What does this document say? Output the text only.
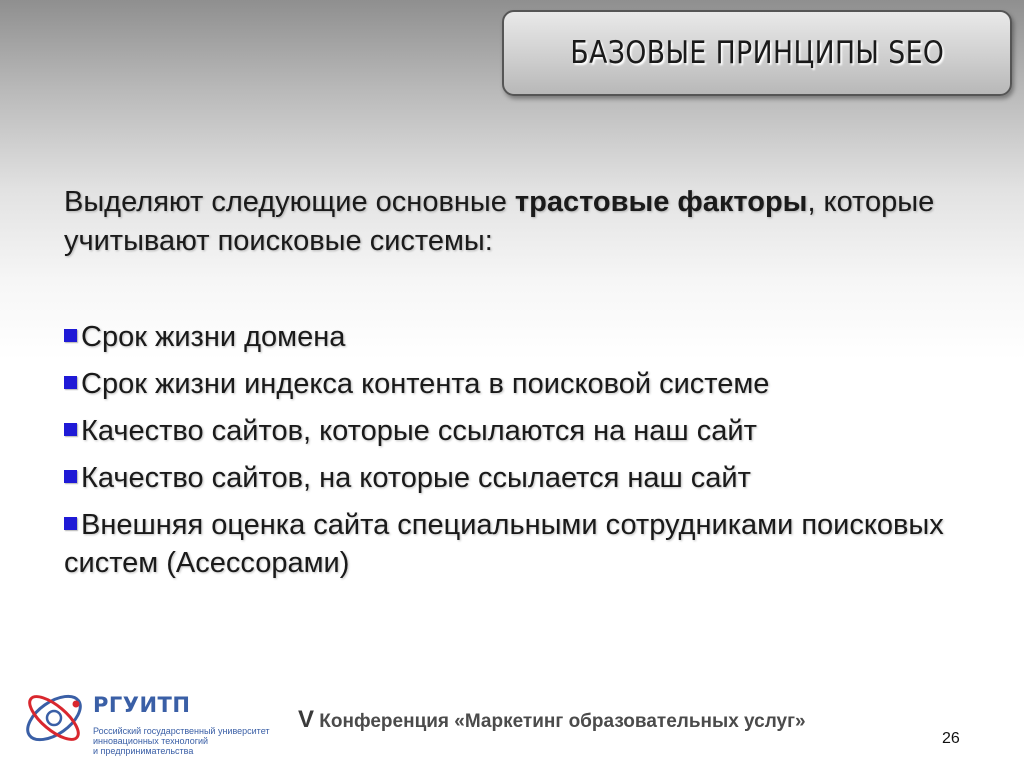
БАЗОВЫЕ ПРИНЦИПЫ SEO

Выделяют следующие основные трастовые факторы, которые учитывают поисковые системы:

Срок жизни домена
Срок жизни индекса контента в поисковой системе
Качество сайтов, которые ссылаются на наш сайт
Качество сайтов, на которые ссылается наш сайт
Внешняя оценка сайта специальными сотрудниками поисковых систем (Асессорами)
РГУИТП
Российский государственный университет
инновационных технологий
и предпринимательства
V Конференция «Маркетинг образовательных услуг»
26
